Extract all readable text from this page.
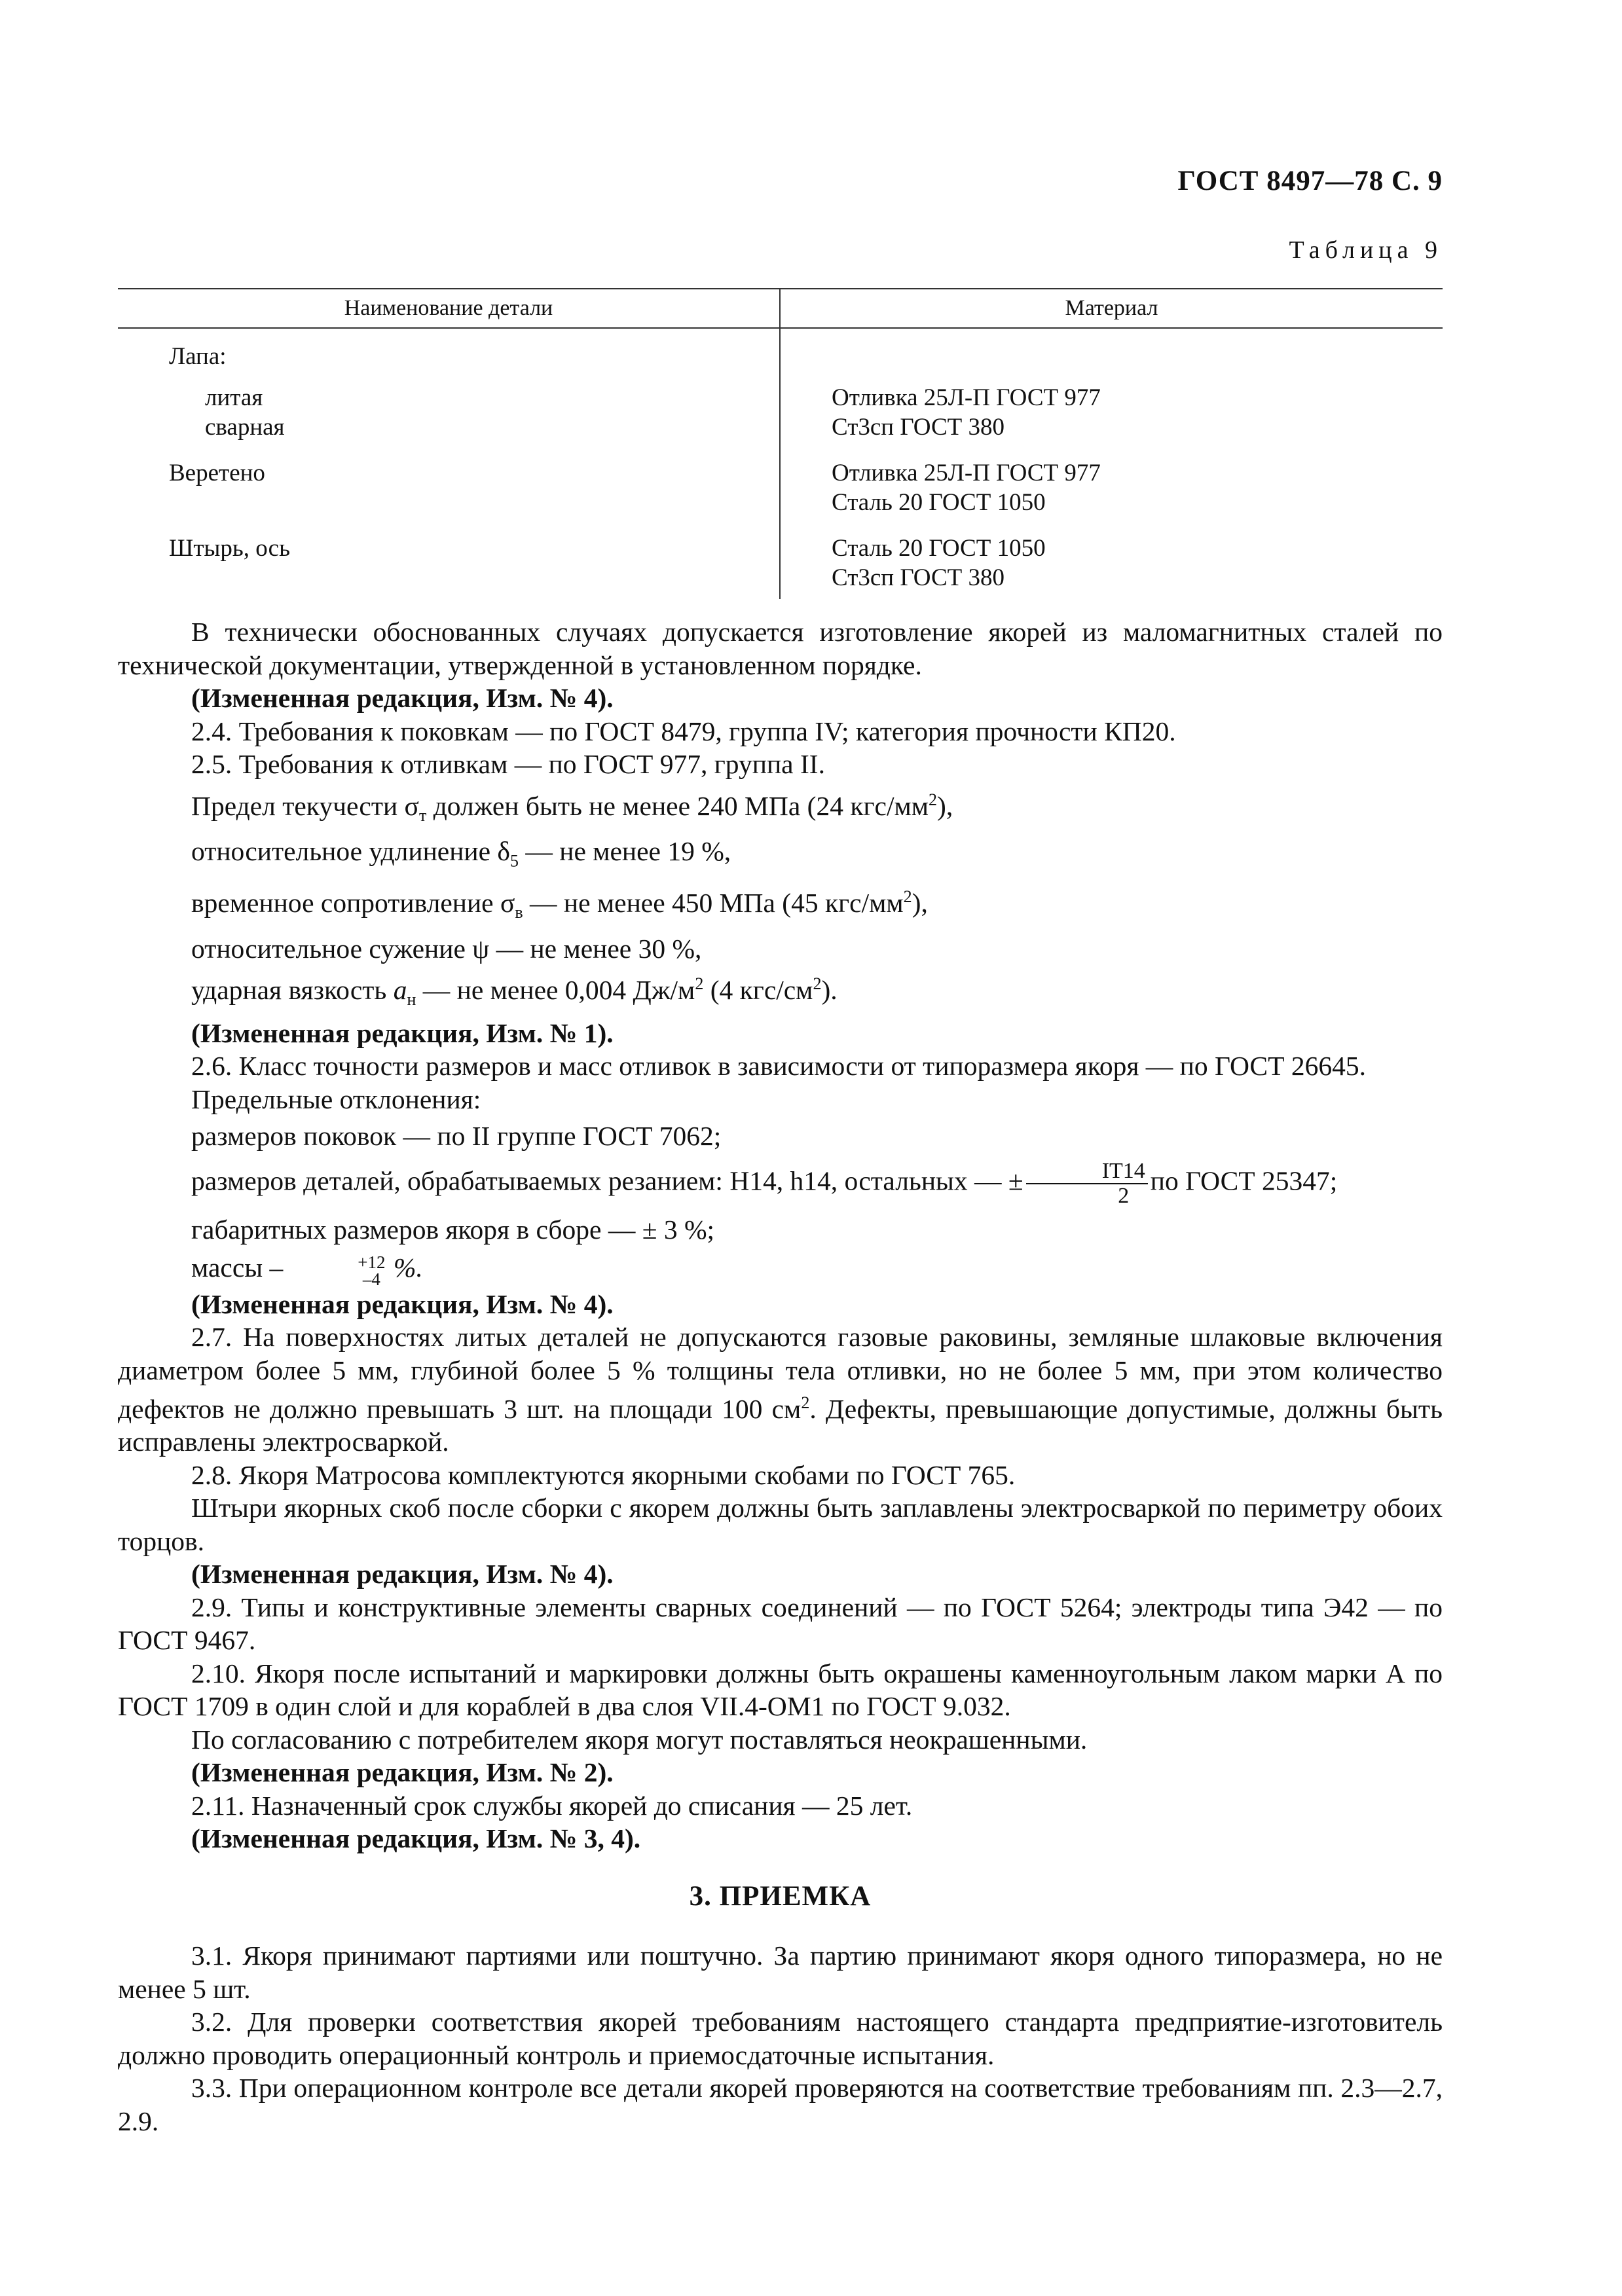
ГОСТ 8497—78 С. 9
Таблица 9
Наименование детали	Материал
Лапа:
литая	Отливка 25Л-П ГОСТ 977
сварная	Ст3сп ГОСТ 380
Веретено	Отливка 25Л-П ГОСТ 977
Сталь 20 ГОСТ 1050
Штырь, ось	Сталь 20 ГОСТ 1050
Ст3сп ГОСТ 380

В технически обоснованных случаях допускается изготовление якорей из маломагнитных сталей по технической документации, утвержденной в установленном порядке.

(Измененная редакция, Изм. № 4).

2.4. Требования к поковкам — по ГОСТ 8479, группа IV; категория прочности КП20.

2.5. Требования к отливкам — по ГОСТ 977, группа II.

Предел текучести $\sigma_т$ должен быть не менее 240 МПа (24 кгс/$мм^2$),

относительное удлинение $\delta_5$ — не менее 19 %,

временное сопротивление $\sigma_в$ — не менее 450 МПа (45 кгс/$мм^2$),

относительное сужение ψ — не менее 30 %,

ударная вязкость $а_н$ — не менее 0,004 $Дж/м^2$ (4 кгс/$см^2$).

(Измененная редакция, Изм. № 1).

2.6. Класс точности размеров и масс отливок в зависимости от типоразмера якоря — по ГОСТ 26645.

Предельные отклонения:

размеров поковок — по II группе ГОСТ 7062;

размеров деталей, обрабатываемых резанием: Н14, h14, остальных — ± $\frac{IT14}{2}$ по ГОСТ 25347;

габаритных размеров якоря в сборе — ± 3 %;

массы –	+12
–4 %.

(Измененная редакция, Изм. № 4).

2.7. На поверхностях литых деталей не допускаются газовые раковины, земляные шлаковые включения диаметром более 5 мм, глубиной более 5 % толщины тела отливки, но не более 5 мм, при этом количество дефектов не должно превышать 3 шт. на площади 100 $см^2$. Дефекты, превышающие допустимые, должны быть исправлены электросваркой.

2.8. Якоря Матросова комплектуются якорными скобами по ГОСТ 765.

Штыри якорных скоб после сборки с якорем должны быть заплавлены электросваркой по периметру обоих торцов.

(Измененная редакция, Изм. № 4).

2.9. Типы и конструктивные элементы сварных соединений — по ГОСТ 5264; электроды типа Э42 — по ГОСТ 9467.

2.10. Якоря после испытаний и маркировки должны быть окрашены каменноугольным лаком марки А по ГОСТ 1709 в один слой и для кораблей в два слоя VII.4-ОМ1 по ГОСТ 9.032.

По согласованию с потребителем якоря могут поставляться неокрашенными.

(Измененная редакция, Изм. № 2).

2.11. Назначенный срок службы якорей до списания — 25 лет.

(Измененная редакция, Изм. № 3, 4).

3. ПРИЕМКА

3.1. Якоря принимают партиями или поштучно. За партию принимают якоря одного типоразмера, но не менее 5 шт.

3.2. Для проверки соответствия якорей требованиям настоящего стандарта предприятие-изготовитель должно проводить операционный контроль и приемосдаточные испытания.

3.3. При операционном контроле все детали якорей проверяются на соответствие требованиям пп. 2.3—2.7, 2.9.
